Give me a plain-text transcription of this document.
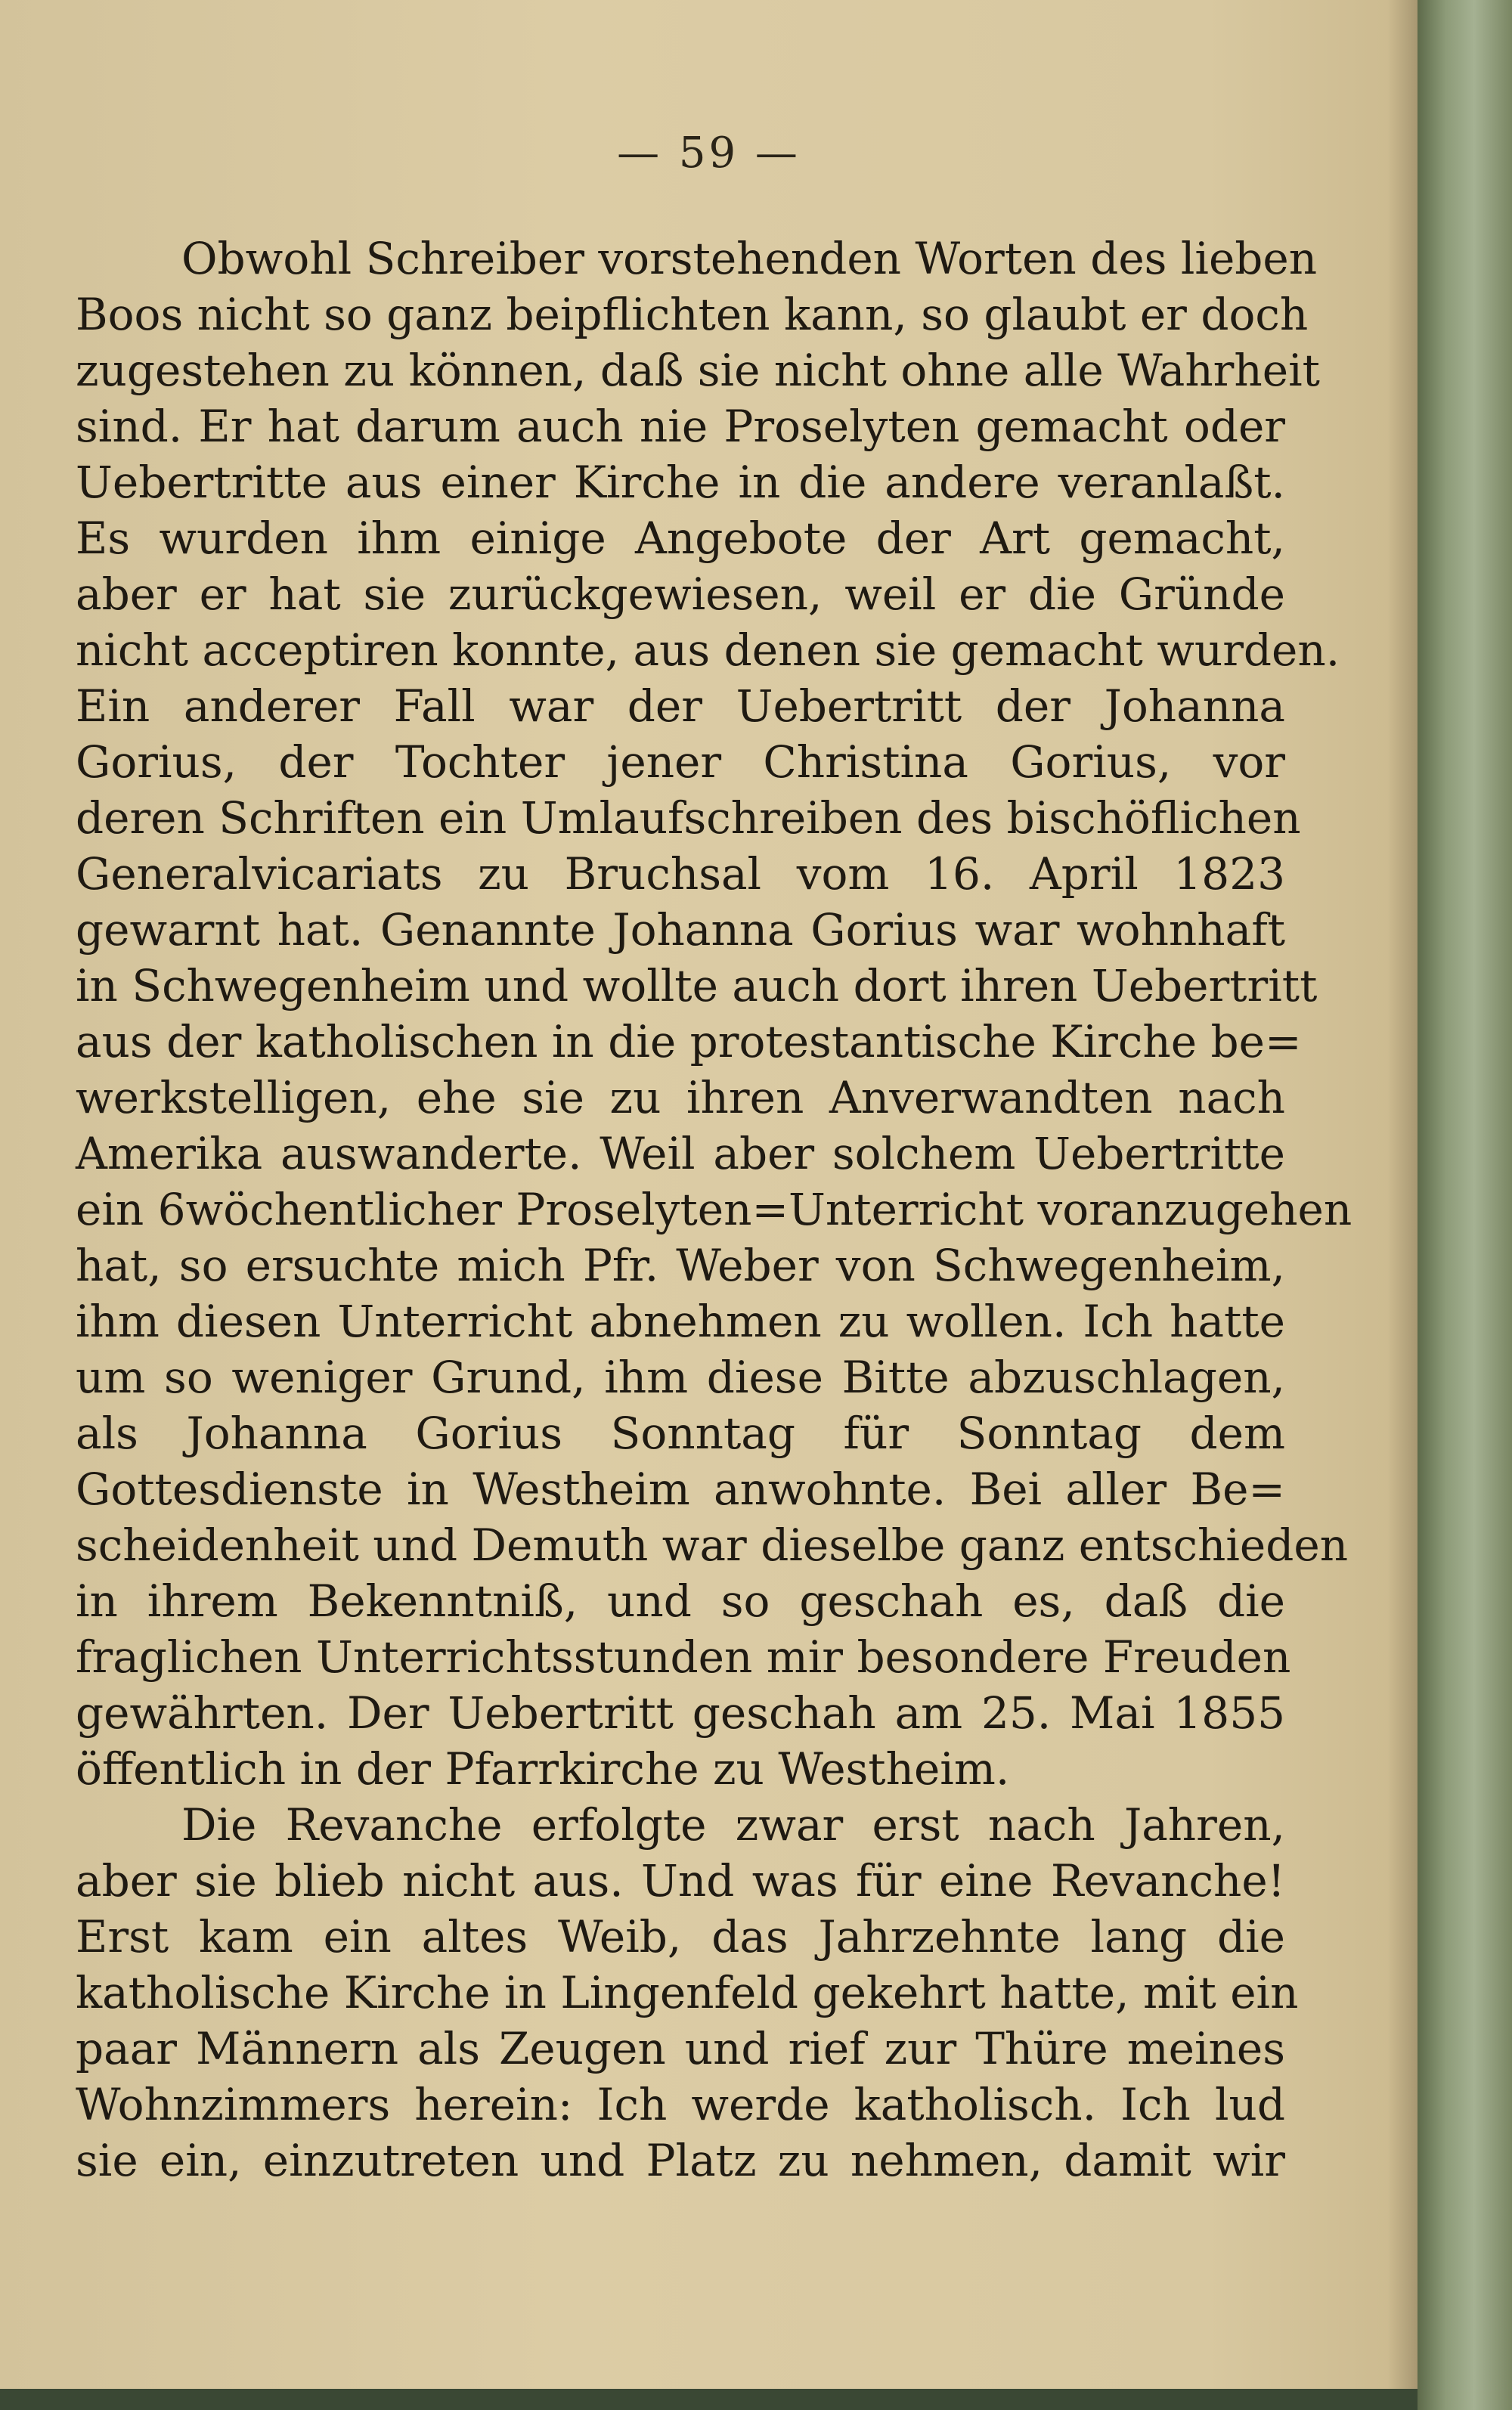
— 59 —
Obwohl Schreiber vorstehenden Worten des lieben
Boos nicht so ganz beipflichten kann, so glaubt er doch
zugestehen zu können, daß sie nicht ohne alle Wahrheit
sind. Er hat darum auch nie Proselyten gemacht oder
Uebertritte aus einer Kirche in die andere veranlaßt.
Es wurden ihm einige Angebote der Art gemacht,
aber er hat sie zurückgewiesen, weil er die Gründe
nicht acceptiren konnte, aus denen sie gemacht wurden.
Ein anderer Fall war der Uebertritt der Johanna
Gorius, der Tochter jener Christina Gorius, vor
deren Schriften ein Umlaufschreiben des bischöflichen
Generalvicariats zu Bruchsal vom 16. April 1823
gewarnt hat. Genannte Johanna Gorius war wohnhaft
in Schwegenheim und wollte auch dort ihren Uebertritt
aus der katholischen in die protestantische Kirche be=
werkstelligen, ehe sie zu ihren Anverwandten nach
Amerika auswanderte. Weil aber solchem Uebertritte
ein 6wöchentlicher Proselyten=Unterricht voranzugehen
hat, so ersuchte mich Pfr. Weber von Schwegenheim,
ihm diesen Unterricht abnehmen zu wollen. Ich hatte
um so weniger Grund, ihm diese Bitte abzuschlagen,
als Johanna Gorius Sonntag für Sonntag dem
Gottesdienste in Westheim anwohnte. Bei aller Be=
scheidenheit und Demuth war dieselbe ganz entschieden
in ihrem Bekenntniß, und so geschah es, daß die
fraglichen Unterrichtsstunden mir besondere Freuden
gewährten. Der Uebertritt geschah am 25. Mai 1855
öffentlich in der Pfarrkirche zu Westheim.
Die Revanche erfolgte zwar erst nach Jahren,
aber sie blieb nicht aus. Und was für eine Revanche!
Erst kam ein altes Weib, das Jahrzehnte lang die
katholische Kirche in Lingenfeld gekehrt hatte, mit ein
paar Männern als Zeugen und rief zur Thüre meines
Wohnzimmers herein: Ich werde katholisch. Ich lud
sie ein, einzutreten und Platz zu nehmen, damit wir
